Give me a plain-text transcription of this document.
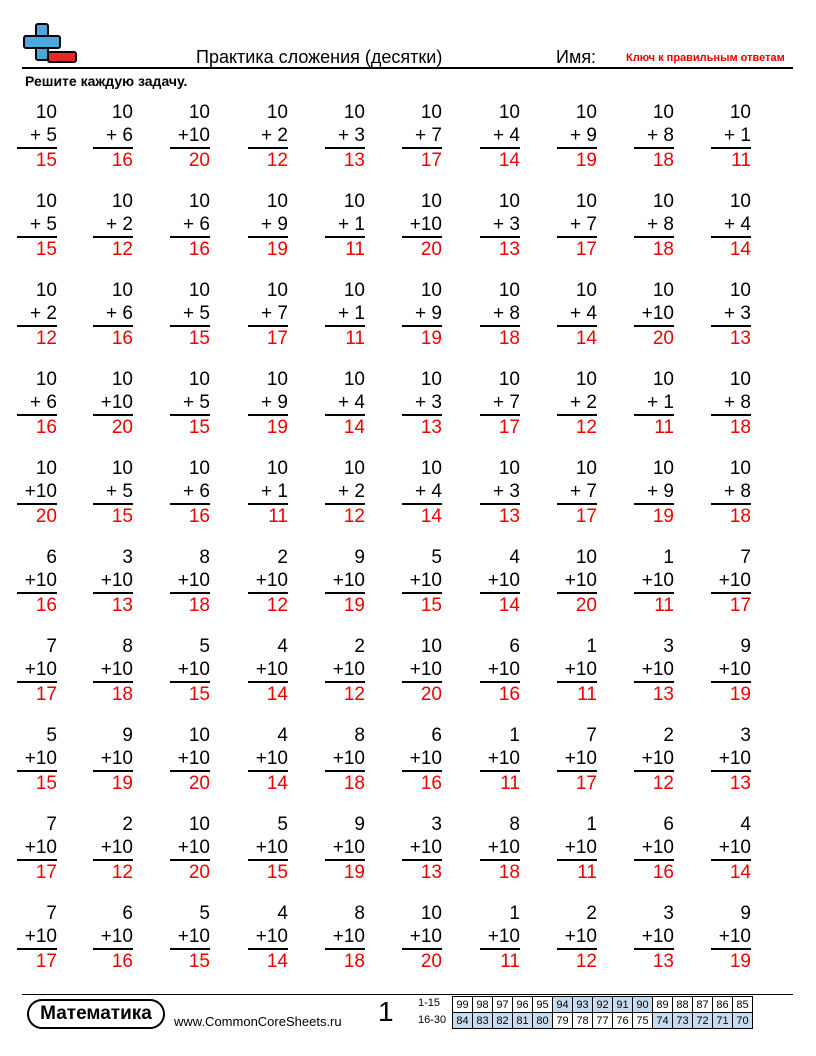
Практика сложения (десятки)	Имя:	Ключ к правильным ответам
Решите каждую задачу.
10
+ 5
15
10
+ 6
16
10
+10
20
10
+ 2
12
10
+ 3
13
10
+ 7
17
10
+ 4
14
10
+ 9
19
10
+ 8
18
10
+ 1
11
10
+ 5
15
10
+ 2
12
10
+ 6
16
10
+ 9
19
10
+ 1
11
10
+10
20
10
+ 3
13
10
+ 7
17
10
+ 8
18
10
+ 4
14
10
+ 2
12
10
+ 6
16
10
+ 5
15
10
+ 7
17
10
+ 1
11
10
+ 9
19
10
+ 8
18
10
+ 4
14
10
+10
20
10
+ 3
13
10
+ 6
16
10
+10
20
10
+ 5
15
10
+ 9
19
10
+ 4
14
10
+ 3
13
10
+ 7
17
10
+ 2
12
10
+ 1
11
10
+ 8
18
10
+10
20
10
+ 5
15
10
+ 6
16
10
+ 1
11
10
+ 2
12
10
+ 4
14
10
+ 3
13
10
+ 7
17
10
+ 9
19
10
+ 8
18
6
+10
16
3
+10
13
8
+10
18
2
+10
12
9
+10
19
5
+10
15
4
+10
14
10
+10
20
1
+10
11
7
+10
17
7
+10
17
8
+10
18
5
+10
15
4
+10
14
2
+10
12
10
+10
20
6
+10
16
1
+10
11
3
+10
13
9
+10
19
5
+10
15
9
+10
19
10
+10
20
4
+10
14
8
+10
18
6
+10
16
1
+10
11
7
+10
17
2
+10
12
3
+10
13
7
+10
17
2
+10
12
10
+10
20
5
+10
15
9
+10
19
3
+10
13
8
+10
18
1
+10
11
6
+10
16
4
+10
14
7
+10
17
6
+10
16
5
+10
15
4
+10
14
8
+10
18
10
+10
20
1
+10
11
2
+10
12
3
+10
13
9
+10
19
Математика	www.CommonCoreSheets.ru 1 1-15
16-30
99	98	97	96	95	94	93	92	91	90	89	88	87	86	85
84	83	82	81	80	79	78	77	76	75	74	73	72	71	70
